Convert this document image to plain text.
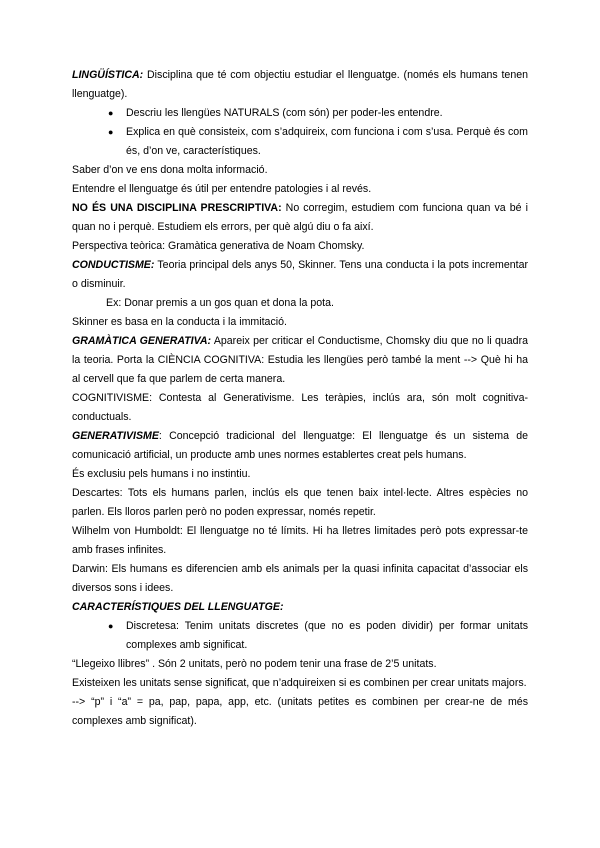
LINGÜÍSTICA: Disciplina que té com objectiu estudiar el llenguatge. (només els humans tenen llenguatge).

● Descriu les llengües NATURALS (com són) per poder-les entendre.
● Explica en què consisteix, com s’adquireix, com funciona i com s’usa. Perquè és com és, d’on ve, característiques.

Saber d’on ve ens dona molta informació.

Entendre el llenguatge és útil per entendre patologies i al revés.

NO ÉS UNA DISCIPLINA PRESCRIPTIVA: No corregim, estudiem com funciona quan va bé i quan no i perquè. Estudiem els errors, per què algú diu o fa així.

Perspectiva teòrica: Gramàtica generativa de Noam Chomsky.

CONDUCTISME: Teoria principal dels anys 50, Skinner. Tens una conducta i la pots incrementar o disminuir.

Ex: Donar premis a un gos quan et dona la pota.

Skinner es basa en la conducta i la immitació.

GRAMÀTICA GENERATIVA: Apareix per criticar el Conductisme, Chomsky diu que no li quadra la teoria. Porta la CIÈNCIA COGNITIVA: Estudia les llengües però també la ment --> Què hi ha al cervell que fa que parlem de certa manera.

COGNITIVISME: Contesta al Generativisme. Les teràpies, inclús ara, són molt cognitiva-conductuals.

GENERATIVISME: Concepció tradicional del llenguatge: El llenguatge és un sistema de comunicació artificial, un producte amb unes normes establertes creat pels humans.

És exclusiu pels humans i no instintiu.

Descartes: Tots els humans parlen, inclús els que tenen baix intel·lecte. Altres espècies no parlen. Els lloros parlen però no poden expressar, només repetir.

Wilhelm von Humboldt: El llenguatge no té límits. Hi ha lletres limitades però pots expressar-te amb frases infinites.

Darwin: Els humans es diferencien amb els animals per la quasi infinita capacitat d’associar els diversos sons i idees.

CARACTERÍSTIQUES DEL LLENGUATGE:

● Discretesa: Tenim unitats discretes (que no es poden dividir) per formar unitats complexes amb significat.

“Llegeixo llibres” . Són 2 unitats, però no podem tenir una frase de 2’5 unitats.

Existeixen les unitats sense significat, que n’adquireixen si es combinen per crear unitats majors.

--> “p” i “a” = pa, pap, papa, app, etc. (unitats petites es combinen per crear-ne de més complexes amb significat).
